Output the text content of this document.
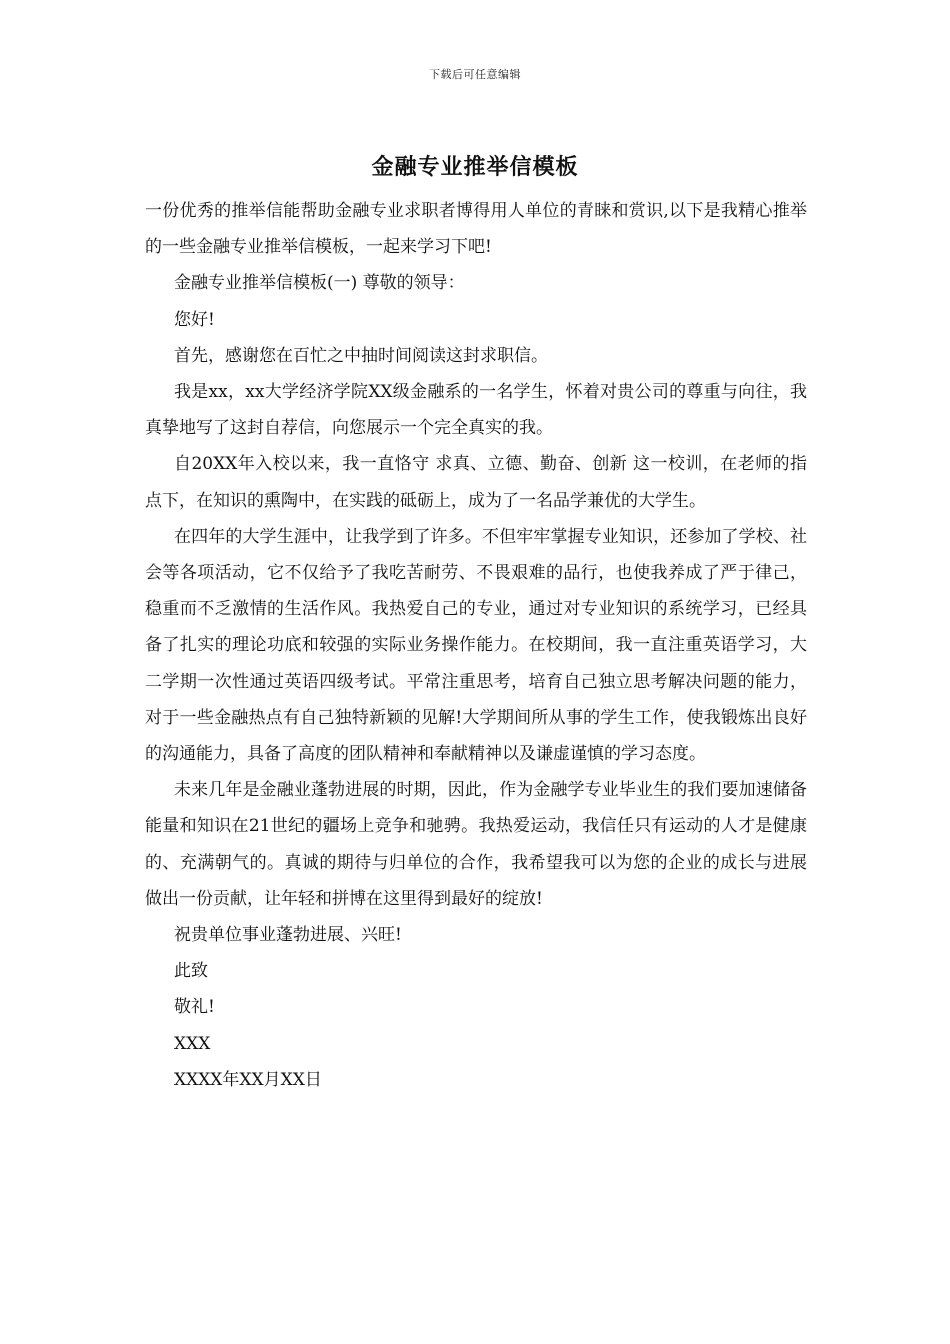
下载后可任意编辑
金融专业推举信模板

一份优秀的推举信能帮助金融专业求职者博得用人单位的青睐和赏识,以下是我精心推举的一些金融专业推举信模板，一起来学习下吧!

金融专业推举信模板(一) 尊敬的领导：

您好!

首先，感谢您在百忙之中抽时间阅读这封求职信。

我是xx，xx大学经济学院XX级金融系的一名学生，怀着对贵公司的尊重与向往，我真挚地写了这封自荐信，向您展示一个完全真实的我。

自20XX年入校以来，我一直恪守 求真、立德、勤奋、创新 这一校训，在老师的指点下，在知识的熏陶中，在实践的砥砺上，成为了一名品学兼优的大学生。

在四年的大学生涯中，让我学到了许多。不但牢牢掌握专业知识，还参加了学校、社会等各项活动，它不仅给予了我吃苦耐劳、不畏艰难的品行，也使我养成了严于律己，稳重而不乏激情的生活作风。我热爱自己的专业，通过对专业知识的系统学习，已经具备了扎实的理论功底和较强的实际业务操作能力。在校期间，我一直注重英语学习，大二学期一次性通过英语四级考试。平常注重思考，培育自己独立思考解决问题的能力，对于一些金融热点有自己独特新颖的见解!大学期间所从事的学生工作，使我锻炼出良好的沟通能力，具备了高度的团队精神和奉献精神以及谦虚谨慎的学习态度。

未来几年是金融业蓬勃进展的时期，因此，作为金融学专业毕业生的我们要加速储备能量和知识在21世纪的疆场上竞争和驰骋。我热爱运动，我信任只有运动的人才是健康的、充满朝气的。真诚的期待与归单位的合作，我希望我可以为您的企业的成长与进展做出一份贡献，让年轻和拼博在这里得到最好的绽放!

祝贵单位事业蓬勃进展、兴旺!

此致

敬礼!

XXX

XXXX年XX月XX日
